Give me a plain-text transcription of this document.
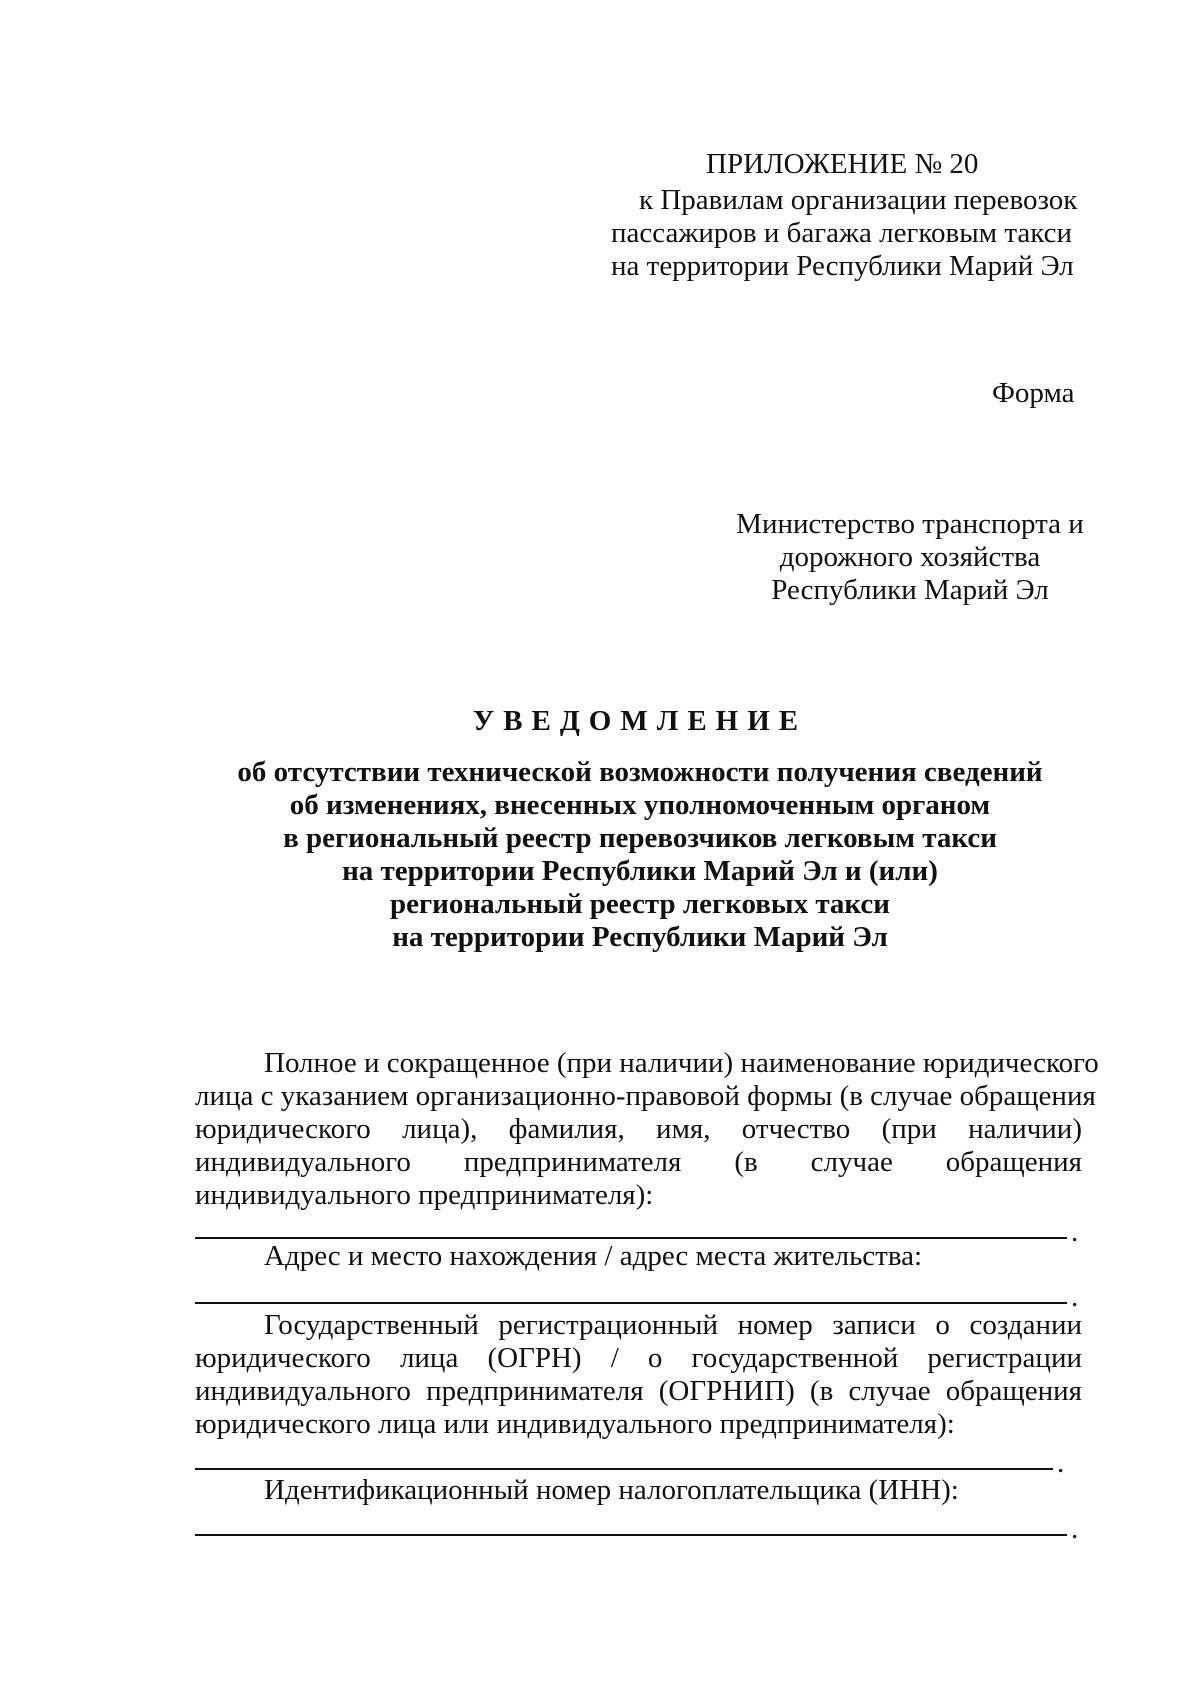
ПРИЛОЖЕНИЕ № 20
к Правилам организации перевозок
пассажиров и багажа легковым такси
на территории Республики Марий Эл
Форма
Министерство транспорта и
дорожного хозяйства
Республики Марий Эл
УВЕДОМЛЕНИЕ
об отсутствии технической возможности получения сведений
об изменениях, внесенных уполномоченным органом
в региональный реестр перевозчиков легковым такси
на территории Республики Марий Эл и (или)
региональный реестр легковых такси
на территории Республики Марий Эл
Полное и сокращенное (при наличии) наименование юридического
лица с указанием организационно-правовой формы (в случае обращения
юридического лица), фамилия, имя, отчество (при наличии)
индивидуального предпринимателя (в случае обращения
индивидуального предпринимателя):
.
Адрес и место нахождения / адрес места жительства:
.
Государственный регистрационный номер записи о создании
юридического лица (ОГРН) / о государственной регистрации
индивидуального предпринимателя (ОГРНИП) (в случае обращения
юридического лица или индивидуального предпринимателя):
.
Идентификационный номер налогоплательщика (ИНН):
.
